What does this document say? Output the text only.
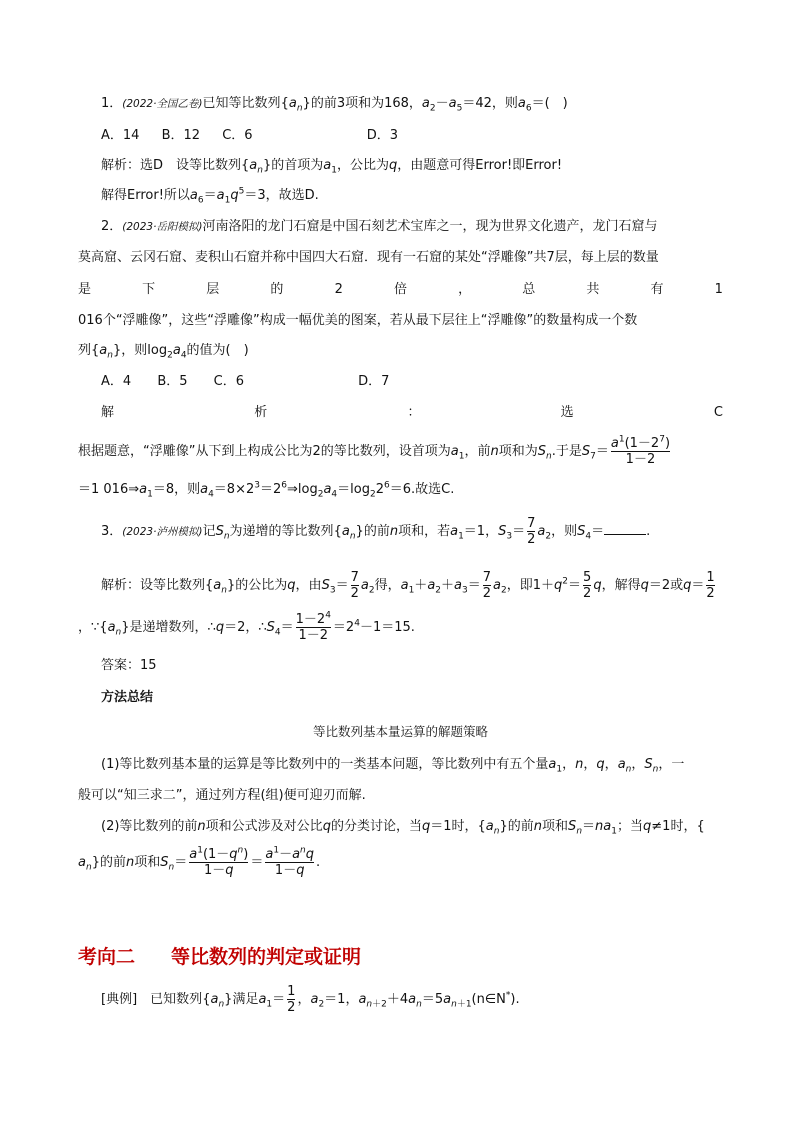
1．(2022·全国乙卷)已知等比数列$\{a_n\}$的前3项和为168，$a_2-a_5=42$，则$a_6=$(　)
A．14 B．12 C．6	D．3
解析：选D　设等比数列$\{a_n\}$的首项为$a_1$，公比为q，由题意可得Error!即Error!
解得Error!所以$a_6=a_1q^5=3$，故选D.
2．(2023·岳阳模拟)河南洛阳的龙门石窟是中国石刻艺术宝库之一，现为世界文化遗产，龙门石窟与
莫高窟、云冈石窟、麦积山石窟并称中国四大石窟．现有一石窟的某处“浮雕像”共7层，每上层的数量
是	下	层	的	2	倍	，	总	共	有	1
016个“浮雕像”，这些“浮雕像”构成一幅优美的图案，若从最下层往上“浮雕像”的数量构成一个数
列$\{a_n\}$，则$\log_2a_4$的值为(　)
A．4 B．5 C．6	D．7
解	析	：	选	C
根据题意，“浮雕像”从下到上构成公比为2的等比数列，设首项为$a_1$，前n项和为$S_n$.于是$S_7= \frac{a^1(1-2^7)}{1-2}$
＝1 $016\Rightarrow a_1=8$，则$a_4=8\times 2^3=2^6\Rightarrow\log_2a_4=\log_22^6=6$.故选C.
3．(2023·泸州模拟)记$S_n$为递增的等比数列$\{a_n\}$的前n项和，若$a_1=1$，$S_3= \frac{7}{2} a_2$，则$S_4=$	.
解析：设等比数列$\{a_n\}$的公比为q，由$S_3= \frac{7}{2} a_2$得，$a_1+a_2+a_3= \frac{7}{2} a_2$，即$1+q^2= \frac{5}{2}$ q，解得q＝2或$q= \frac{1}{2}$
，$\because\{a_n\}$是递增数列，∴q＝2，$\therefore S_4= \frac{1-2^4}{1-2} =2^4-1=15$.
答案：15
方法总结
等比数列基本量运算的解题策略
(1)等比数列基本量的运算是等比数列中的一类基本问题，等比数列中有五个量$a_1$，n，q，$a_n$，$S_n$，一
般可以“知三求二”，通过列方程(组)便可迎刃而解.
(2)等比数列的前n项和公式涉及对公比q的分类讨论，当q＝1时，$\{a_n\}$的前n项和$S_n=na_1$；当q≠1时，{
$a_n$}的前n项和$S_n= \frac{a^1(1-q^n)}{1-q} = \frac{a^1-a^nq}{1-q}$ .
考向二 等比数列的判定或证明
[典例]　 已知数列$\{a_n\}$满足$a_1= \frac{1}{2}$ ，$a_2=1$，$a_{n+2}+4a_n=5a_{n+1}(n\in N^*)$.
